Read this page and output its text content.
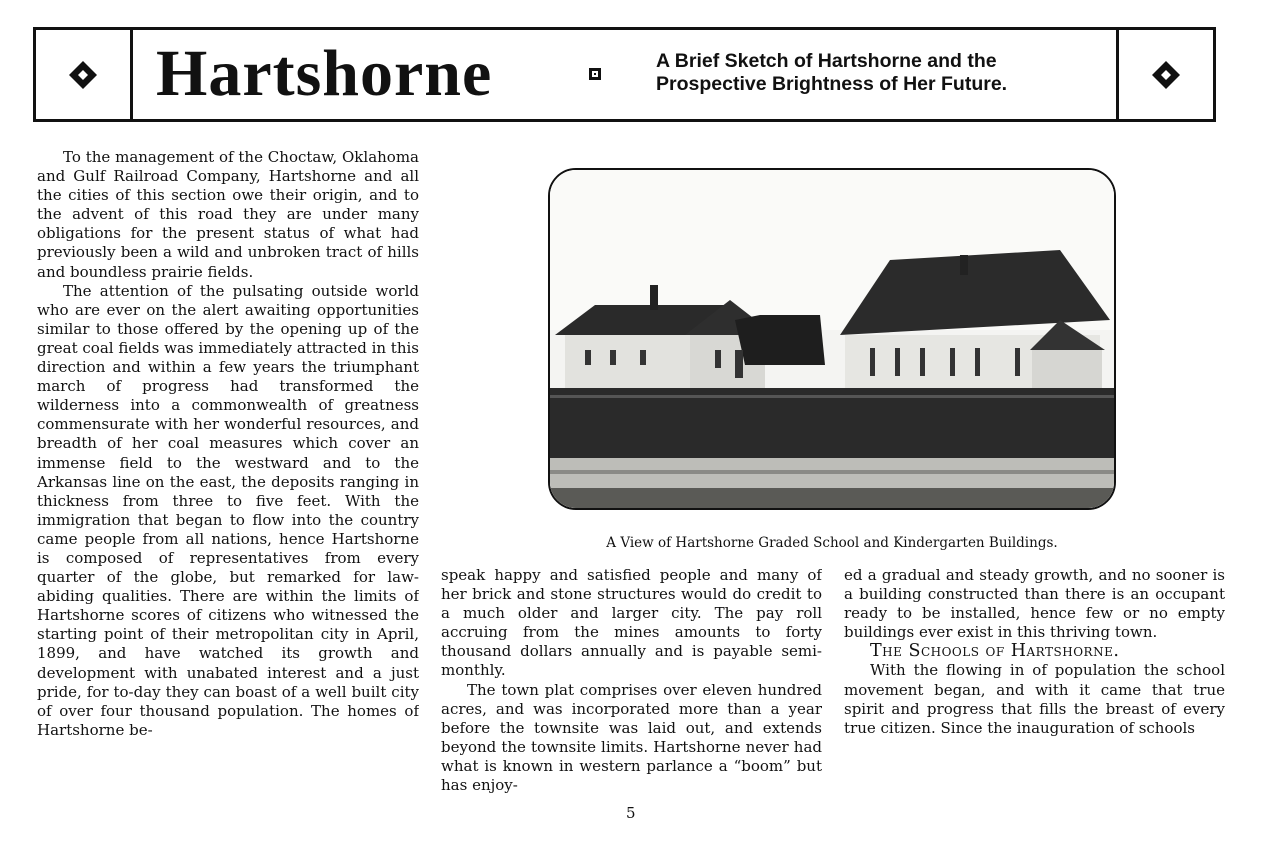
Hartshorne	A Brief Sketch of Hartshorne and the
Prospective Brightness of Her Future.

To the management of the Choctaw, Oklahoma and Gulf Railroad Company, Hartshorne and all the cities of this section owe their origin, and to the advent of this road they are under many obligations for the present status of what had previously been a wild and unbroken tract of hills and boundless prairie fields.

The attention of the pulsating outside world who are ever on the alert awaiting opportunities similar to those offered by the opening up of the great coal fields was immediately attracted in this direction and within a few years the triumphant march of progress had transformed the wilderness into a commonwealth of greatness commensurate with her wonderful resources, and breadth of her coal measures which cover an immense field to the westward and to the Arkansas line on the east, the deposits ranging in thickness from three to five feet. With the immigration that began to flow into the country came people from all nations, hence Hartshorne is composed of representatives from every quarter of the globe, but remarked for law-abiding qualities. There are within the limits of Hartshorne scores of citizens who witnessed the starting point of their metropolitan city in April, 1899, and have watched its growth and development with unabated interest and a just pride, for to-day they can boast of a well built city of over four thousand population. The homes of Hartshorne be-

A View of Hartshorne Graded School and Kindergarten Buildings.

speak happy and satisfied people and many of her brick and stone structures would do credit to a much older and larger city. The pay roll accruing from the mines amounts to forty thousand dollars annually and is payable semi-monthly.

The town plat comprises over eleven hundred acres, and was incorporated more than a year before the townsite was laid out, and extends beyond the townsite limits. Hartshorne never had what is known in western parlance a “boom” but has enjoy-

ed a gradual and steady growth, and no sooner is a building constructed than there is an occupant ready to be installed, hence few or no empty buildings ever exist in this thriving town.

The Schools of Hartshorne.

With the flowing in of population the school movement began, and with it came that true spirit and progress that fills the breast of every true citizen. Since the inauguration of schools

5
